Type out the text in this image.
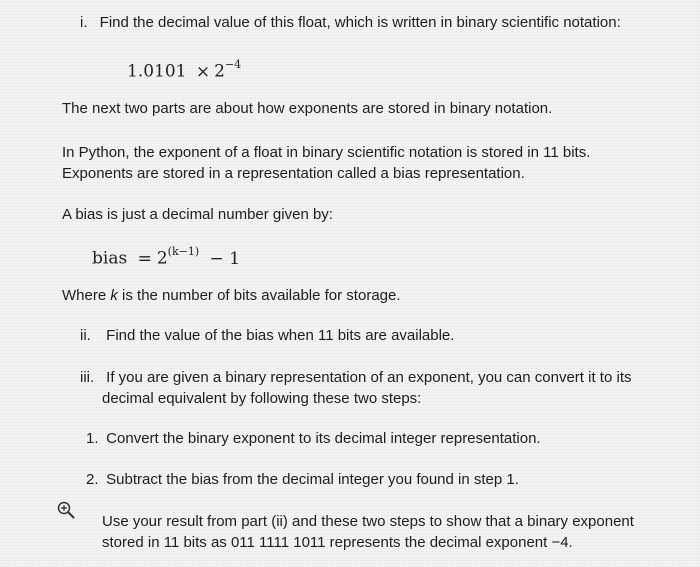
i. Find the decimal value of this float, which is written in binary scientific notation:
$1.0101 \times 2^{-4}$
The next two parts are about how exponents are stored in binary notation.
In Python, the exponent of a float in binary scientific notation is stored in 11 bits.
Exponents are stored in a representation called a bias representation.
A bias is just a decimal number given by:
bias = $2^{(k-1)} - 1$
Where k is the number of bits available for storage.
ii. Find the value of the bias when 11 bits are available.
iii. If you are given a binary representation of an exponent, you can convert it to its
decimal equivalent by following these two steps:
1. Convert the binary exponent to its decimal integer representation.
2. Subtract the bias from the decimal integer you found in step 1.
Use your result from part (ii) and these two steps to show that a binary exponent
stored in 11 bits as 011 1111 1011 represents the decimal exponent −4.
